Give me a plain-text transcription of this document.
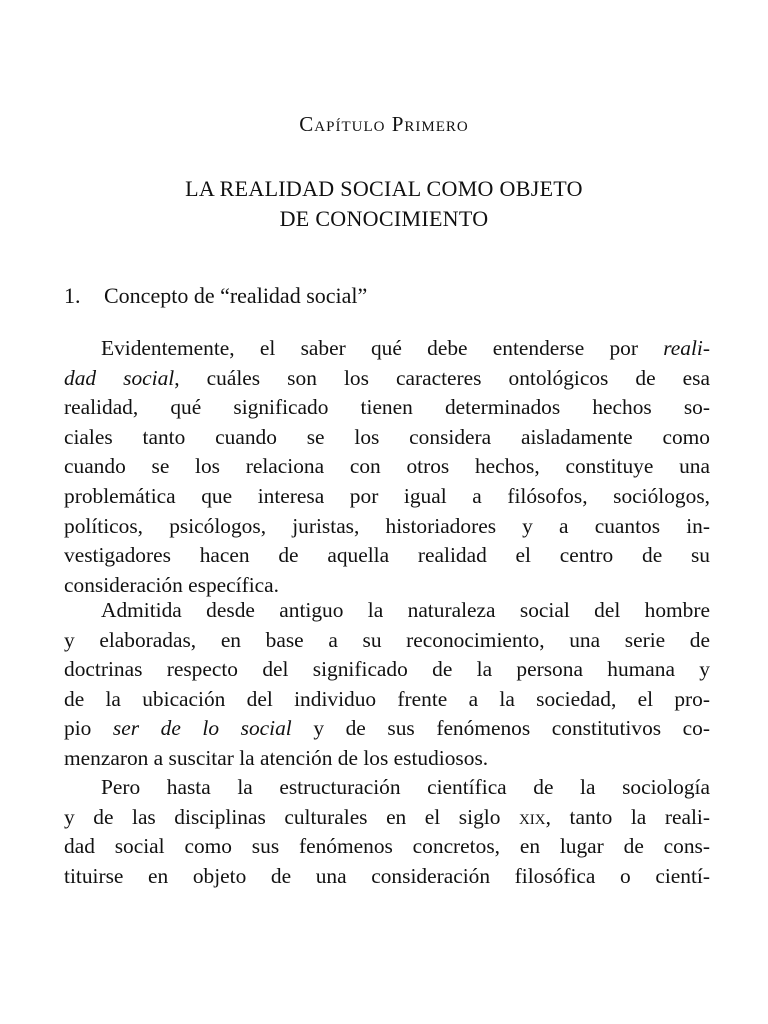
Capítulo Primero
LA REALIDAD SOCIAL COMO OBJETO
DE CONOCIMIENTO
1. Concepto de “realidad social”
Evidentemente, el saber qué debe entenderse por reali-
dad social, cuáles son los caracteres ontológicos de esa
realidad, qué significado tienen determinados hechos so-
ciales tanto cuando se los considera aisladamente como
cuando se los relaciona con otros hechos, constituye una
problemática que interesa por igual a filósofos, sociólogos,
políticos, psicólogos, juristas, historiadores y a cuantos in-
vestigadores hacen de aquella realidad el centro de su
consideración específica.
Admitida desde antiguo la naturaleza social del hombre
y elaboradas, en base a su reconocimiento, una serie de
doctrinas respecto del significado de la persona humana y
de la ubicación del individuo frente a la sociedad, el pro-
pio ser de lo social y de sus fenómenos constitutivos co-
menzaron a suscitar la atención de los estudiosos.
Pero hasta la estructuración científica de la sociología
y de las disciplinas culturales en el siglo xix, tanto la reali-
dad social como sus fenómenos concretos, en lugar de cons-
tituirse en objeto de una consideración filosófica o cientí-
